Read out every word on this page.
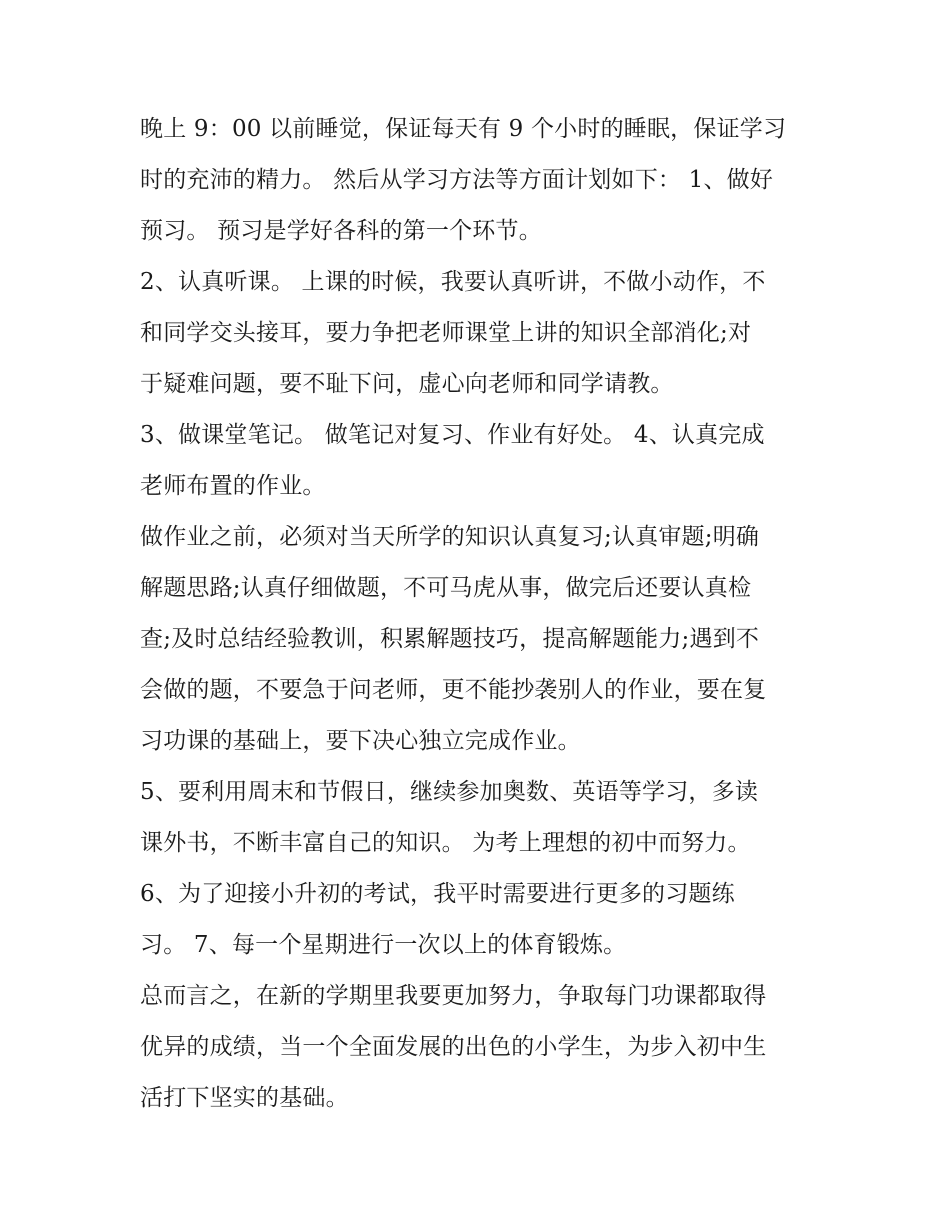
晚上 9：00 以前睡觉，保证每天有 9 个小时的睡眠，保证学习
时的充沛的精力。 然后从学习方法等方面计划如下： 1、做好
预习。 预习是学好各科的第一个环节。
2、认真听课。 上课的时候，我要认真听讲，不做小动作，不
和同学交头接耳，要力争把老师课堂上讲的知识全部消化;对
于疑难问题，要不耻下问，虚心向老师和同学请教。
3、做课堂笔记。 做笔记对复习、作业有好处。 4、认真完成
老师布置的作业。
做作业之前，必须对当天所学的知识认真复习;认真审题;明确
解题思路;认真仔细做题，不可马虎从事，做完后还要认真检
查;及时总结经验教训，积累解题技巧，提高解题能力;遇到不
会做的题，不要急于问老师，更不能抄袭别人的作业，要在复
习功课的基础上，要下决心独立完成作业。
5、要利用周末和节假日，继续参加奥数、英语等学习，多读
课外书，不断丰富自己的知识。 为考上理想的初中而努力。
6、为了迎接小升初的考试，我平时需要进行更多的习题练
习。 7、每一个星期进行一次以上的体育锻炼。
总而言之，在新的学期里我要更加努力，争取每门功课都取得
优异的成绩，当一个全面发展的出色的小学生，为步入初中生
活打下坚实的基础。
